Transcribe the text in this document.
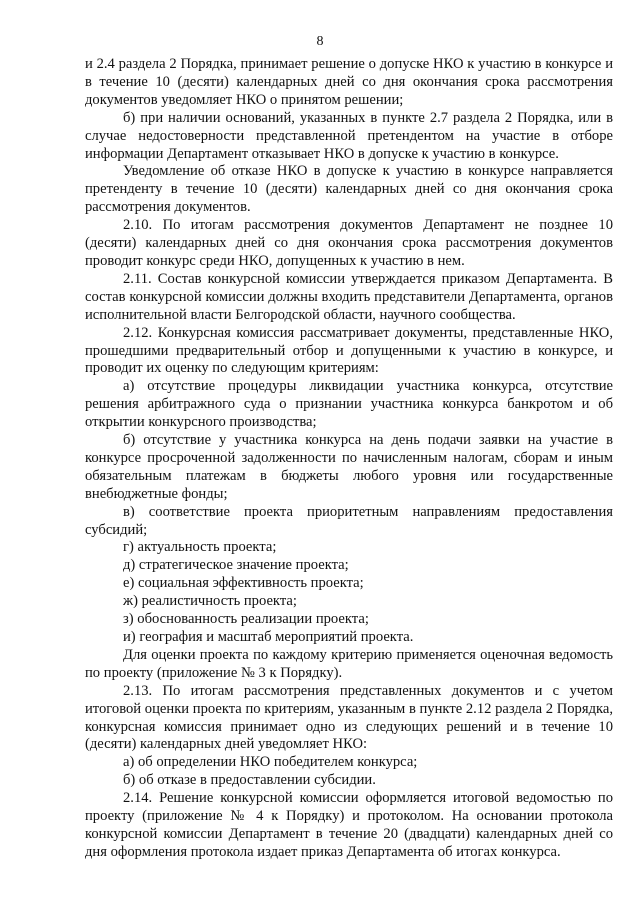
8

и 2.4 раздела 2 Порядка, принимает решение о допуске НКО к участию в конкурсе и в течение 10 (десяти) календарных дней со дня окончания срока рассмотрения документов уведомляет НКО о принятом решении;

б) при наличии оснований, указанных в пункте 2.7 раздела 2 Порядка, или в случае недостоверности представленной претендентом на участие в отборе информации Департамент отказывает НКО в допуске к участию в конкурсе.

Уведомление об отказе НКО в допуске к участию в конкурсе направляется претенденту в течение 10 (десяти) календарных дней со дня окончания срока рассмотрения документов.

2.10. По итогам рассмотрения документов Департамент не позднее 10 (десяти) календарных дней со дня окончания срока рассмотрения документов проводит конкурс среди НКО, допущенных к участию в нем.

2.11. Состав конкурсной комиссии утверждается приказом Департамента. В состав конкурсной комиссии должны входить представители Департамента, органов исполнительной власти Белгородской области, научного сообщества.

2.12. Конкурсная комиссия рассматривает документы, представленные НКО, прошедшими предварительный отбор и допущенными к участию в конкурсе, и проводит их оценку по следующим критериям:

а) отсутствие процедуры ликвидации участника конкурса, отсутствие решения арбитражного суда о признании участника конкурса банкротом и об открытии конкурсного производства;

б) отсутствие у участника конкурса на день подачи заявки на участие в конкурсе просроченной задолженности по начисленным налогам, сборам и иным обязательным платежам в бюджеты любого уровня или государственные внебюджетные фонды;

в) соответствие проекта приоритетным направлениям предоставления субсидий;

г) актуальность проекта;

д) стратегическое значение проекта;

е) социальная эффективность проекта;

ж) реалистичность проекта;

з) обоснованность реализации проекта;

и) география и масштаб мероприятий проекта.

Для оценки проекта по каждому критерию применяется оценочная ведомость по проекту (приложение № 3 к Порядку).

2.13. По итогам рассмотрения представленных документов и с учетом итоговой оценки проекта по критериям, указанным в пункте 2.12 раздела 2 Порядка, конкурсная комиссия принимает одно из следующих решений и в течение 10 (десяти) календарных дней уведомляет НКО:

а) об определении НКО победителем конкурса;

б) об отказе в предоставлении субсидии.

2.14. Решение конкурсной комиссии оформляется итоговой ведомостью по проекту (приложение № 4 к Порядку) и протоколом. На основании протокола конкурсной комиссии Департамент в течение 20 (двадцати) календарных дней со дня оформления протокола издает приказ Департамента об итогах конкурса.
